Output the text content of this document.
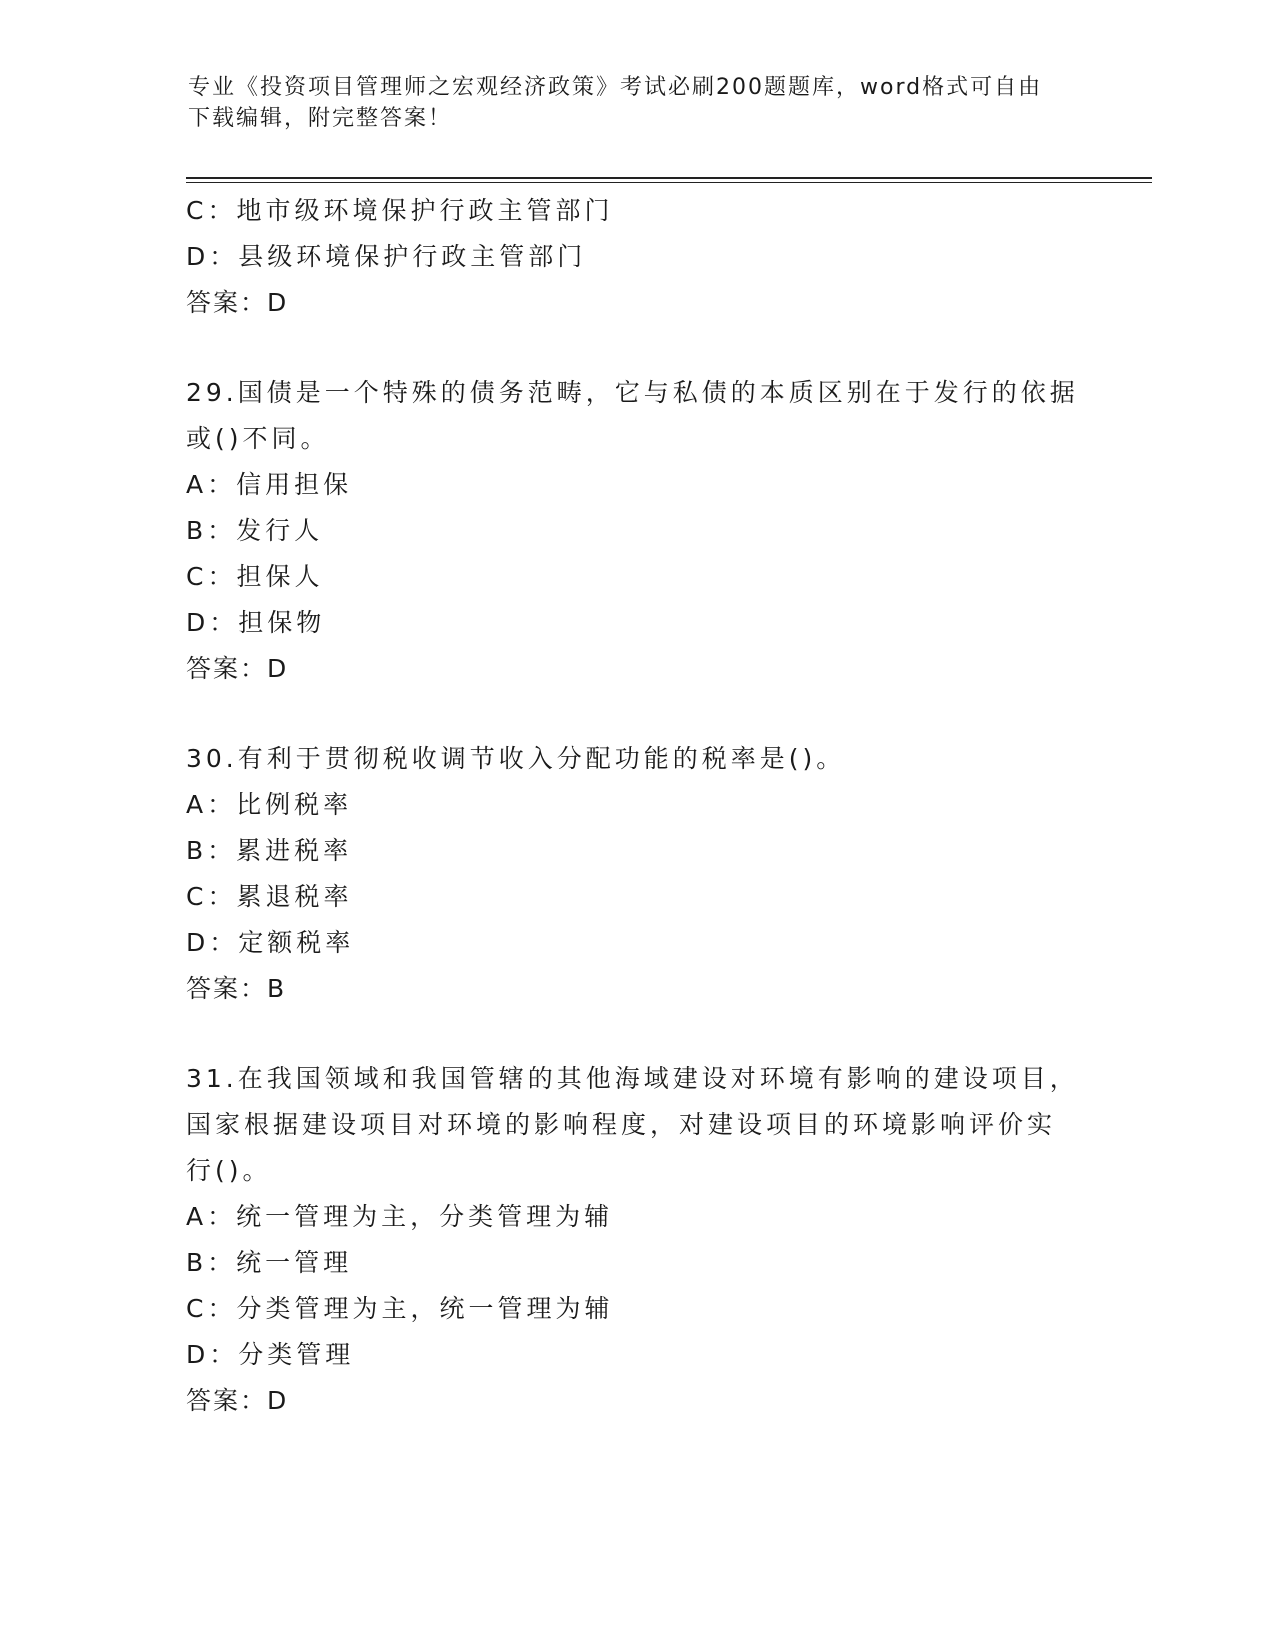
专业《投资项目管理师之宏观经济政策》考试必刷200题题库，word格式可自由
下载编辑，附完整答案！
C：地市级环境保护行政主管部门
D：县级环境保护行政主管部门
答案：D
29.国债是一个特殊的债务范畴，它与私债的本质区别在于发行的依据
或()不同。
A：信用担保
B：发行人
C：担保人
D：担保物
答案：D
30.有利于贯彻税收调节收入分配功能的税率是()。
A：比例税率
B：累进税率
C：累退税率
D：定额税率
答案：B
31.在我国领域和我国管辖的其他海域建设对环境有影响的建设项目，
国家根据建设项目对环境的影响程度，对建设项目的环境影响评价实
行()。
A：统一管理为主，分类管理为辅
B：统一管理
C：分类管理为主，统一管理为辅
D：分类管理
答案：D
